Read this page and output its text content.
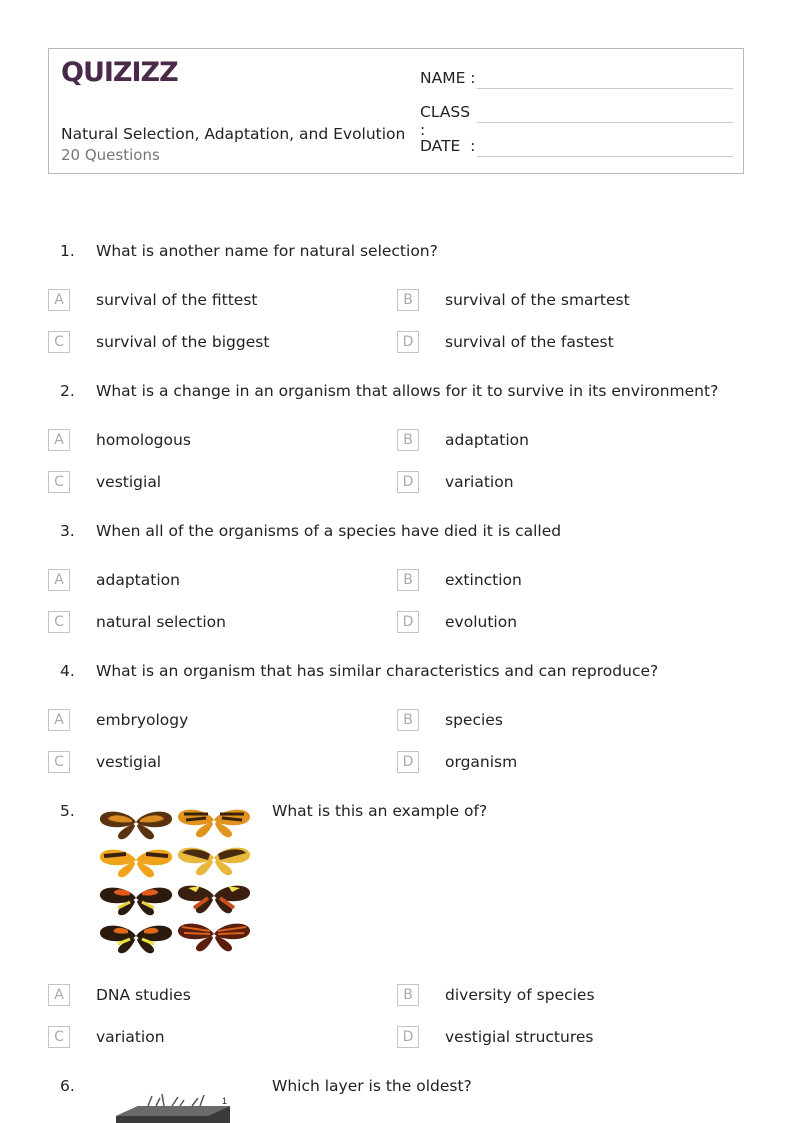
QUIZIZZ
Natural Selection, Adaptation, and Evolution
20 Questions
NAME :
CLASS :
DATE  :
1. What is another name for natural selection?
A	survival of the fittest	B	survival of the smartest
C	survival of the biggest	D	survival of the fastest
2. What is a change in an organism that allows for it to survive in its environment?
A	homologous	B	adaptation
C	vestigial	D	variation
3. When all of the organisms of a species have died it is called
A	adaptation	B	extinction
C	natural selection	D	evolution
4. What is an organism that has similar characteristics and can reproduce?
A	embryology	B	species
C	vestigial	D	organism
5.	What is this an example of?
A	DNA studies	B	diversity of species
C	variation	D	vestigial structures
6.
1
Which layer is the oldest?
